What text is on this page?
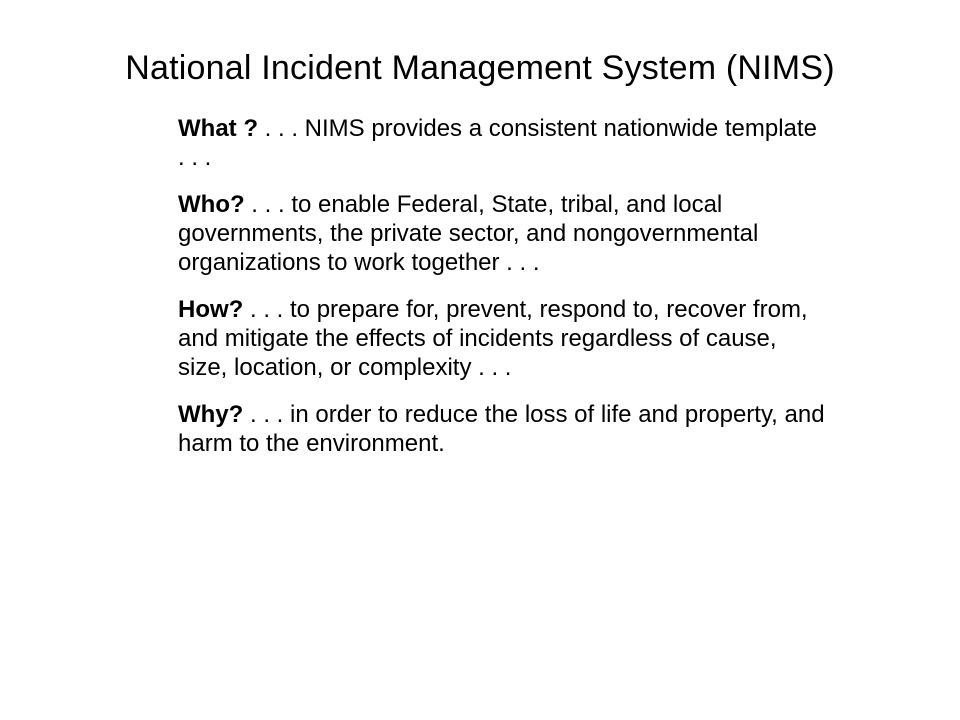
National Incident Management System (NIMS)

What ? . . . NIMS provides a consistent nationwide template . . .

Who? . . . to enable Federal, State, tribal, and local governments, the private sector, and nongovernmental organizations to work together . . .

How? . . . to prepare for, prevent, respond to, recover from, and mitigate the effects of incidents regardless of cause, size, location, or complexity . . .

Why? . . . in order to reduce the loss of life and property, and harm to the environment.
